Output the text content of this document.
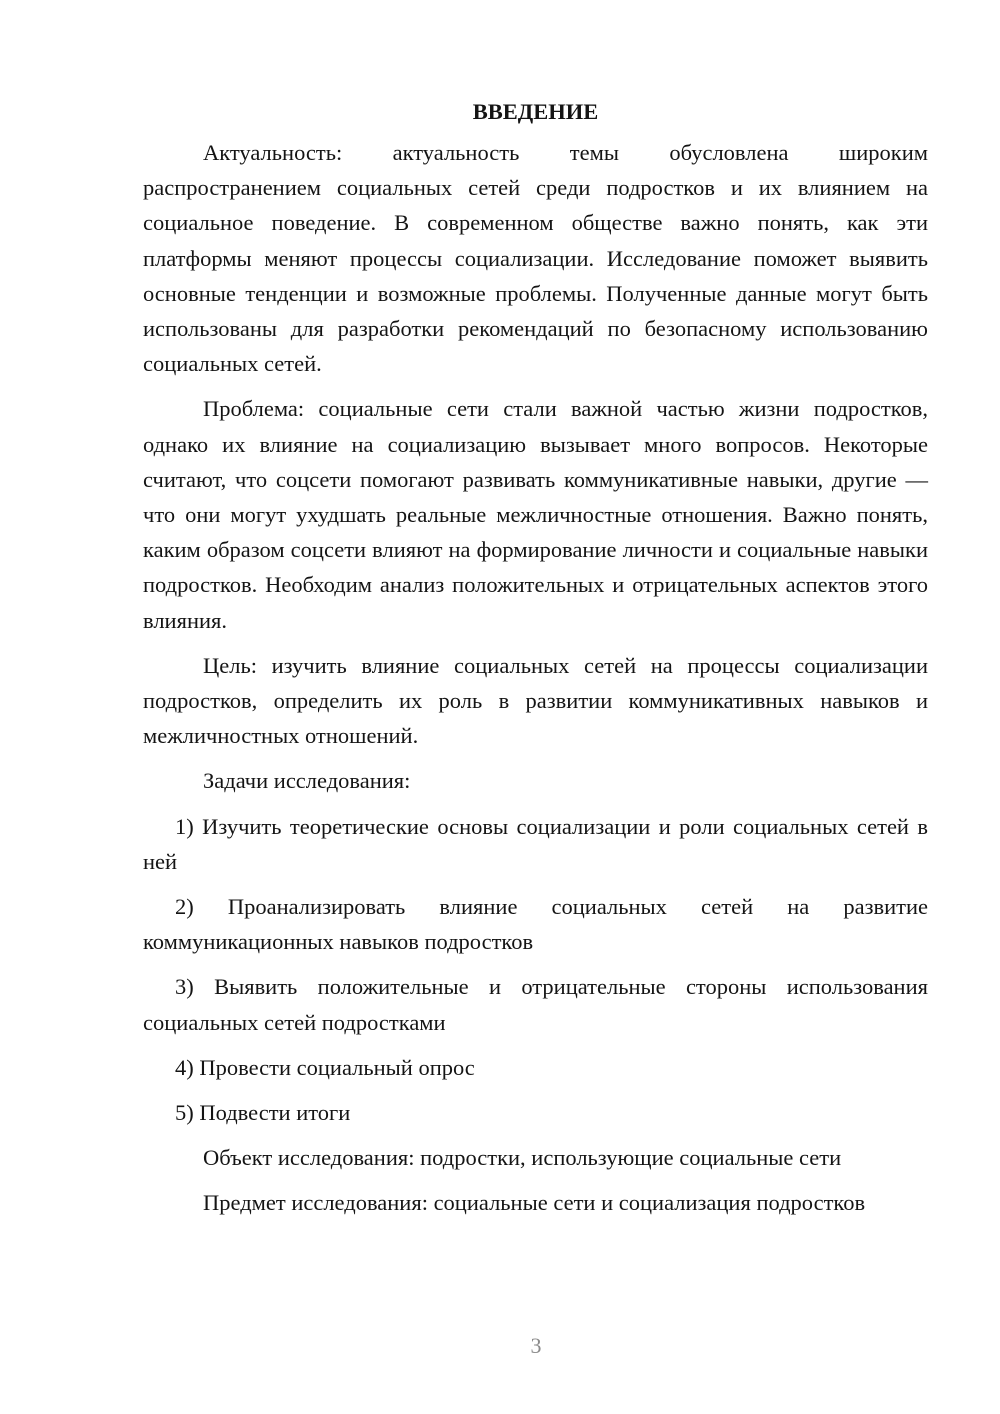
ВВЕДЕНИЕ

Актуальность: актуальность темы обусловлена широким распространением социальных сетей среди подростков и их влиянием на социальное поведение. В современном обществе важно понять, как эти платформы меняют процессы социализации. Исследование поможет выявить основные тенденции и возможные проблемы. Полученные данные могут быть использованы для разработки рекомендаций по безопасному использованию социальных сетей.

Проблема: социальные сети стали важной частью жизни подростков, однако их влияние на социализацию вызывает много вопросов. Некоторые считают, что соцсети помогают развивать коммуникативные навыки, другие — что они могут ухудшать реальные межличностные отношения. Важно понять, каким образом соцсети влияют на формирование личности и социальные навыки подростков. Необходим анализ положительных и отрицательных аспектов этого влияния.

Цель: изучить влияние социальных сетей на процессы социализации подростков, определить их роль в развитии коммуникативных навыков и межличностных отношений.

Задачи исследования:

1) Изучить теоретические основы социализации и роли социальных сетей в ней

2) Проанализировать влияние социальных сетей на развитие коммуникационных навыков подростков

3) Выявить положительные и отрицательные стороны использования социальных сетей подростками

4) Провести социальный опрос

5) Подвести итоги

Объект исследования: подростки, использующие социальные сети

Предмет исследования: социальные сети и социализация подростков

3
